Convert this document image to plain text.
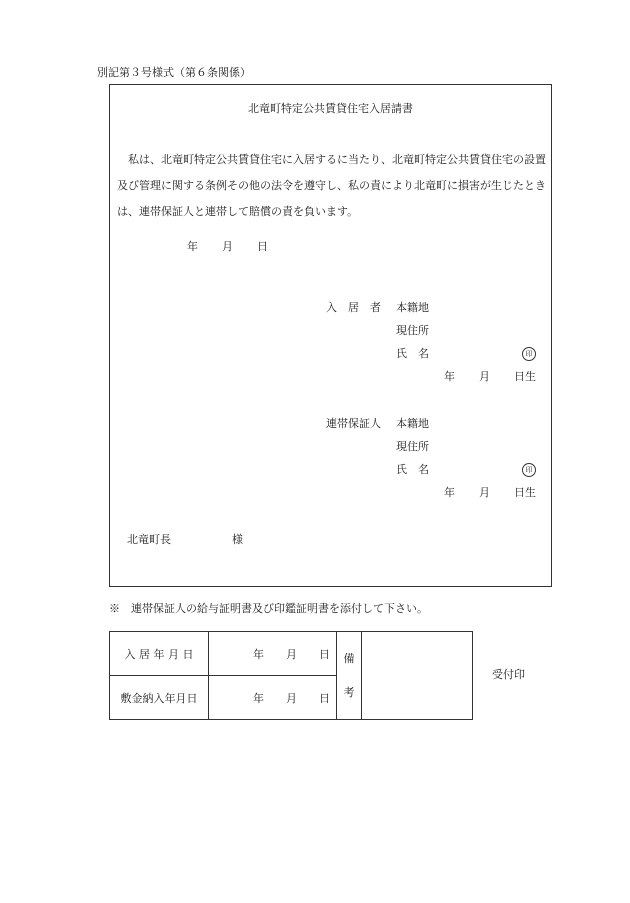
別記第３号様式（第６条関係）
北竜町特定公共賃貸住宅入居請書
私は、北竜町特定公共賃貸住宅に入居するに当たり、北竜町特定公共賃貸住宅の設置及び管理に関する条例その他の法令を遵守し、私の責により北竜町に損害が生じたときは、連帯保証人と連帯して賠償の責を負います。
年 月 日
入　居　者 本籍地
現住所
氏　名	印
年 月 日生
連帯保証人 本籍地
現住所
氏　名	印
年 月 日生
北竜町長	様
※　連帯保証人の給与証明書及び印鑑証明書を添付して下さい。
入 居 年 月 日	年 月 日	備
考	
敷金納入年月日	年 月 日		
受付印
